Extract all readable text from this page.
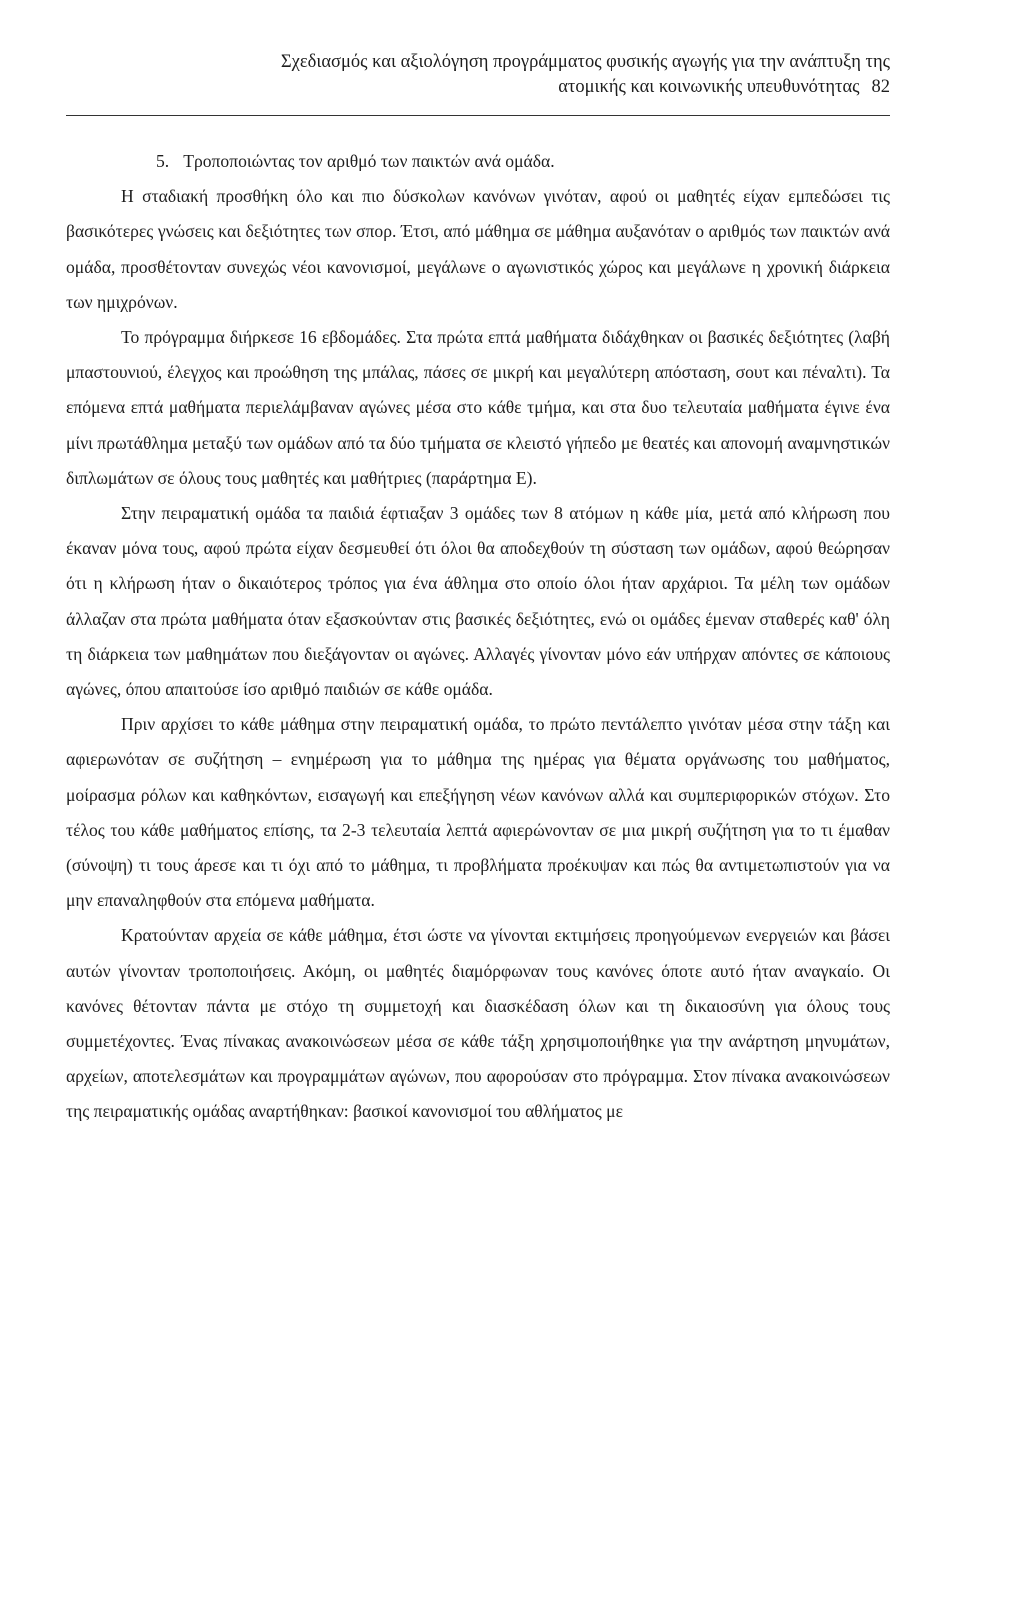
Σχεδιασμός και αξιολόγηση προγράμματος φυσικής αγωγής για την ανάπτυξη της
ατομικής και κοινωνικής υπευθυνότητας 82

5. Τροποποιώντας τον αριθμό των παικτών ανά ομάδα.

Η σταδιακή προσθήκη όλο και πιο δύσκολων κανόνων γινόταν, αφού οι μαθητές είχαν εμπεδώσει τις βασικότερες γνώσεις και δεξιότητες των σπορ. Έτσι, από μάθημα σε μάθημα αυξανόταν ο αριθμός των παικτών ανά ομάδα, προσθέτονταν συνεχώς νέοι κανονισμοί, μεγάλωνε ο αγωνιστικός χώρος και μεγάλωνε η χρονική διάρκεια των ημιχρόνων.

Το πρόγραμμα διήρκεσε 16 εβδομάδες. Στα πρώτα επτά μαθήματα διδάχθηκαν οι βασικές δεξιότητες (λαβή μπαστουνιού, έλεγχος και προώθηση της μπάλας, πάσες σε μικρή και μεγαλύτερη απόσταση, σουτ και πέναλτι). Τα επόμενα επτά μαθήματα περιελάμβαναν αγώνες μέσα στο κάθε τμήμα, και στα δυο τελευταία μαθήματα έγινε ένα μίνι πρωτάθλημα μεταξύ των ομάδων από τα δύο τμήματα σε κλειστό γήπεδο με θεατές και απονομή αναμνηστικών διπλωμάτων σε όλους τους μαθητές και μαθήτριες (παράρτημα Ε).

Στην πειραματική ομάδα τα παιδιά έφτιαξαν 3 ομάδες των 8 ατόμων η κάθε μία, μετά από κλήρωση που έκαναν μόνα τους, αφού πρώτα είχαν δεσμευθεί ότι όλοι θα αποδεχθούν τη σύσταση των ομάδων, αφού θεώρησαν ότι η κλήρωση ήταν ο δικαιότερος τρόπος για ένα άθλημα στο οποίο όλοι ήταν αρχάριοι. Τα μέλη των ομάδων άλλαζαν στα πρώτα μαθήματα όταν εξασκούνταν στις βασικές δεξιότητες, ενώ οι ομάδες έμεναν σταθερές καθ' όλη τη διάρκεια των μαθημάτων που διεξάγονταν οι αγώνες. Αλλαγές γίνονταν μόνο εάν υπήρχαν απόντες σε κάποιους αγώνες, όπου απαιτούσε ίσο αριθμό παιδιών σε κάθε ομάδα.

Πριν αρχίσει το κάθε μάθημα στην πειραματική ομάδα, το πρώτο πεντάλεπτο γινόταν μέσα στην τάξη και αφιερωνόταν σε συζήτηση – ενημέρωση για το μάθημα της ημέρας για θέματα οργάνωσης του μαθήματος, μοίρασμα ρόλων και καθηκόντων, εισαγωγή και επεξήγηση νέων κανόνων αλλά και συμπεριφορικών στόχων. Στο τέλος του κάθε μαθήματος επίσης, τα 2-3 τελευταία λεπτά αφιερώνονταν σε μια μικρή συζήτηση για το τι έμαθαν (σύνοψη) τι τους άρεσε και τι όχι από το μάθημα, τι προβλήματα προέκυψαν και πώς θα αντιμετωπιστούν για να μην επαναληφθούν στα επόμενα μαθήματα.

Κρατούνταν αρχεία σε κάθε μάθημα, έτσι ώστε να γίνονται εκτιμήσεις προηγούμενων ενεργειών και βάσει αυτών γίνονταν τροποποιήσεις. Ακόμη, οι μαθητές διαμόρφωναν τους κανόνες όποτε αυτό ήταν αναγκαίο. Οι κανόνες θέτονταν πάντα με στόχο τη συμμετοχή και διασκέδαση όλων και τη δικαιοσύνη για όλους τους συμμετέχοντες. Ένας πίνακας ανακοινώσεων μέσα σε κάθε τάξη χρησιμοποιήθηκε για την ανάρτηση μηνυμάτων, αρχείων, αποτελεσμάτων και προγραμμάτων αγώνων, που αφορούσαν στο πρόγραμμα. Στον πίνακα ανακοινώσεων της πειραματικής ομάδας αναρτήθηκαν: βασικοί κανονισμοί του αθλήματος με
